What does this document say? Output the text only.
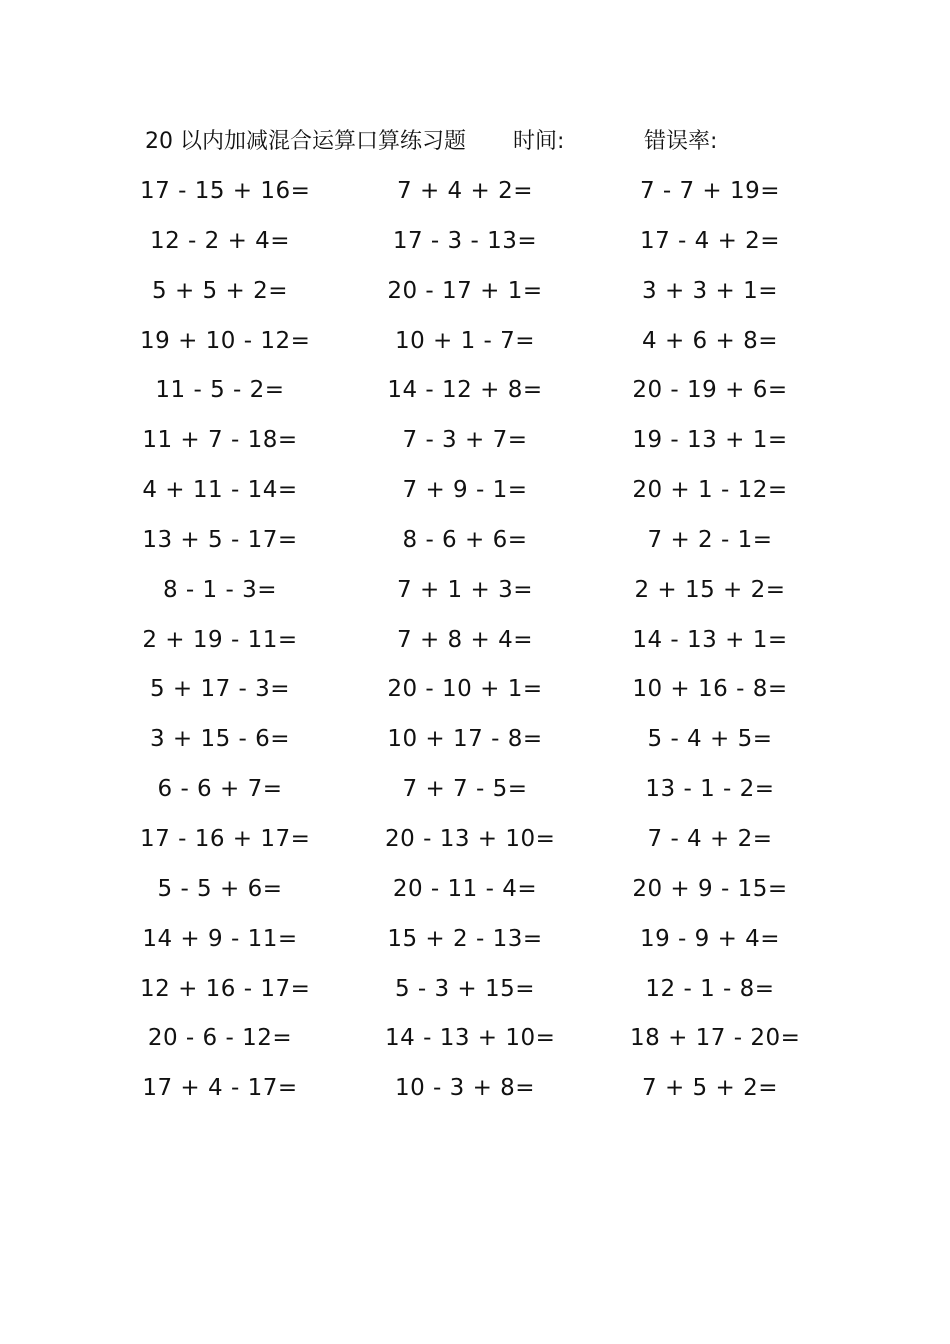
20 以内加减混合运算口算练习题 时间:	错误率:
17 - 15 + 16=	7 + 4 + 2=	7 - 7 + 19=
12 - 2 + 4=	17 - 3 - 13=	17 - 4 + 2=
5 + 5 + 2=	20 - 17 + 1=	3 + 3 + 1=
19 + 10 - 12=	10 + 1 - 7=	4 + 6 + 8=
11 - 5 - 2=	14 - 12 + 8=	20 - 19 + 6=
11 + 7 - 18=	7 - 3 + 7=	19 - 13 + 1=
4 + 11 - 14=	7 + 9 - 1=	20 + 1 - 12=
13 + 5 - 17=	8 - 6 + 6=	7 + 2 - 1=
8 - 1 - 3=	7 + 1 + 3=	2 + 15 + 2=
2 + 19 - 11=	7 + 8 + 4=	14 - 13 + 1=
5 + 17 - 3=	20 - 10 + 1=	10 + 16 - 8=
3 + 15 - 6=	10 + 17 - 8=	5 - 4 + 5=
6 - 6 + 7=	7 + 7 - 5=	13 - 1 - 2=
17 - 16 + 17=	20 - 13 + 10=	7 - 4 + 2=
5 - 5 + 6=	20 - 11 - 4=	20 + 9 - 15=
14 + 9 - 11=	15 + 2 - 13=	19 - 9 + 4=
12 + 16 - 17=	5 - 3 + 15=	12 - 1 - 8=
20 - 6 - 12=	14 - 13 + 10=	18 + 17 - 20=
17 + 4 - 17=	10 - 3 + 8=	7 + 5 + 2=
